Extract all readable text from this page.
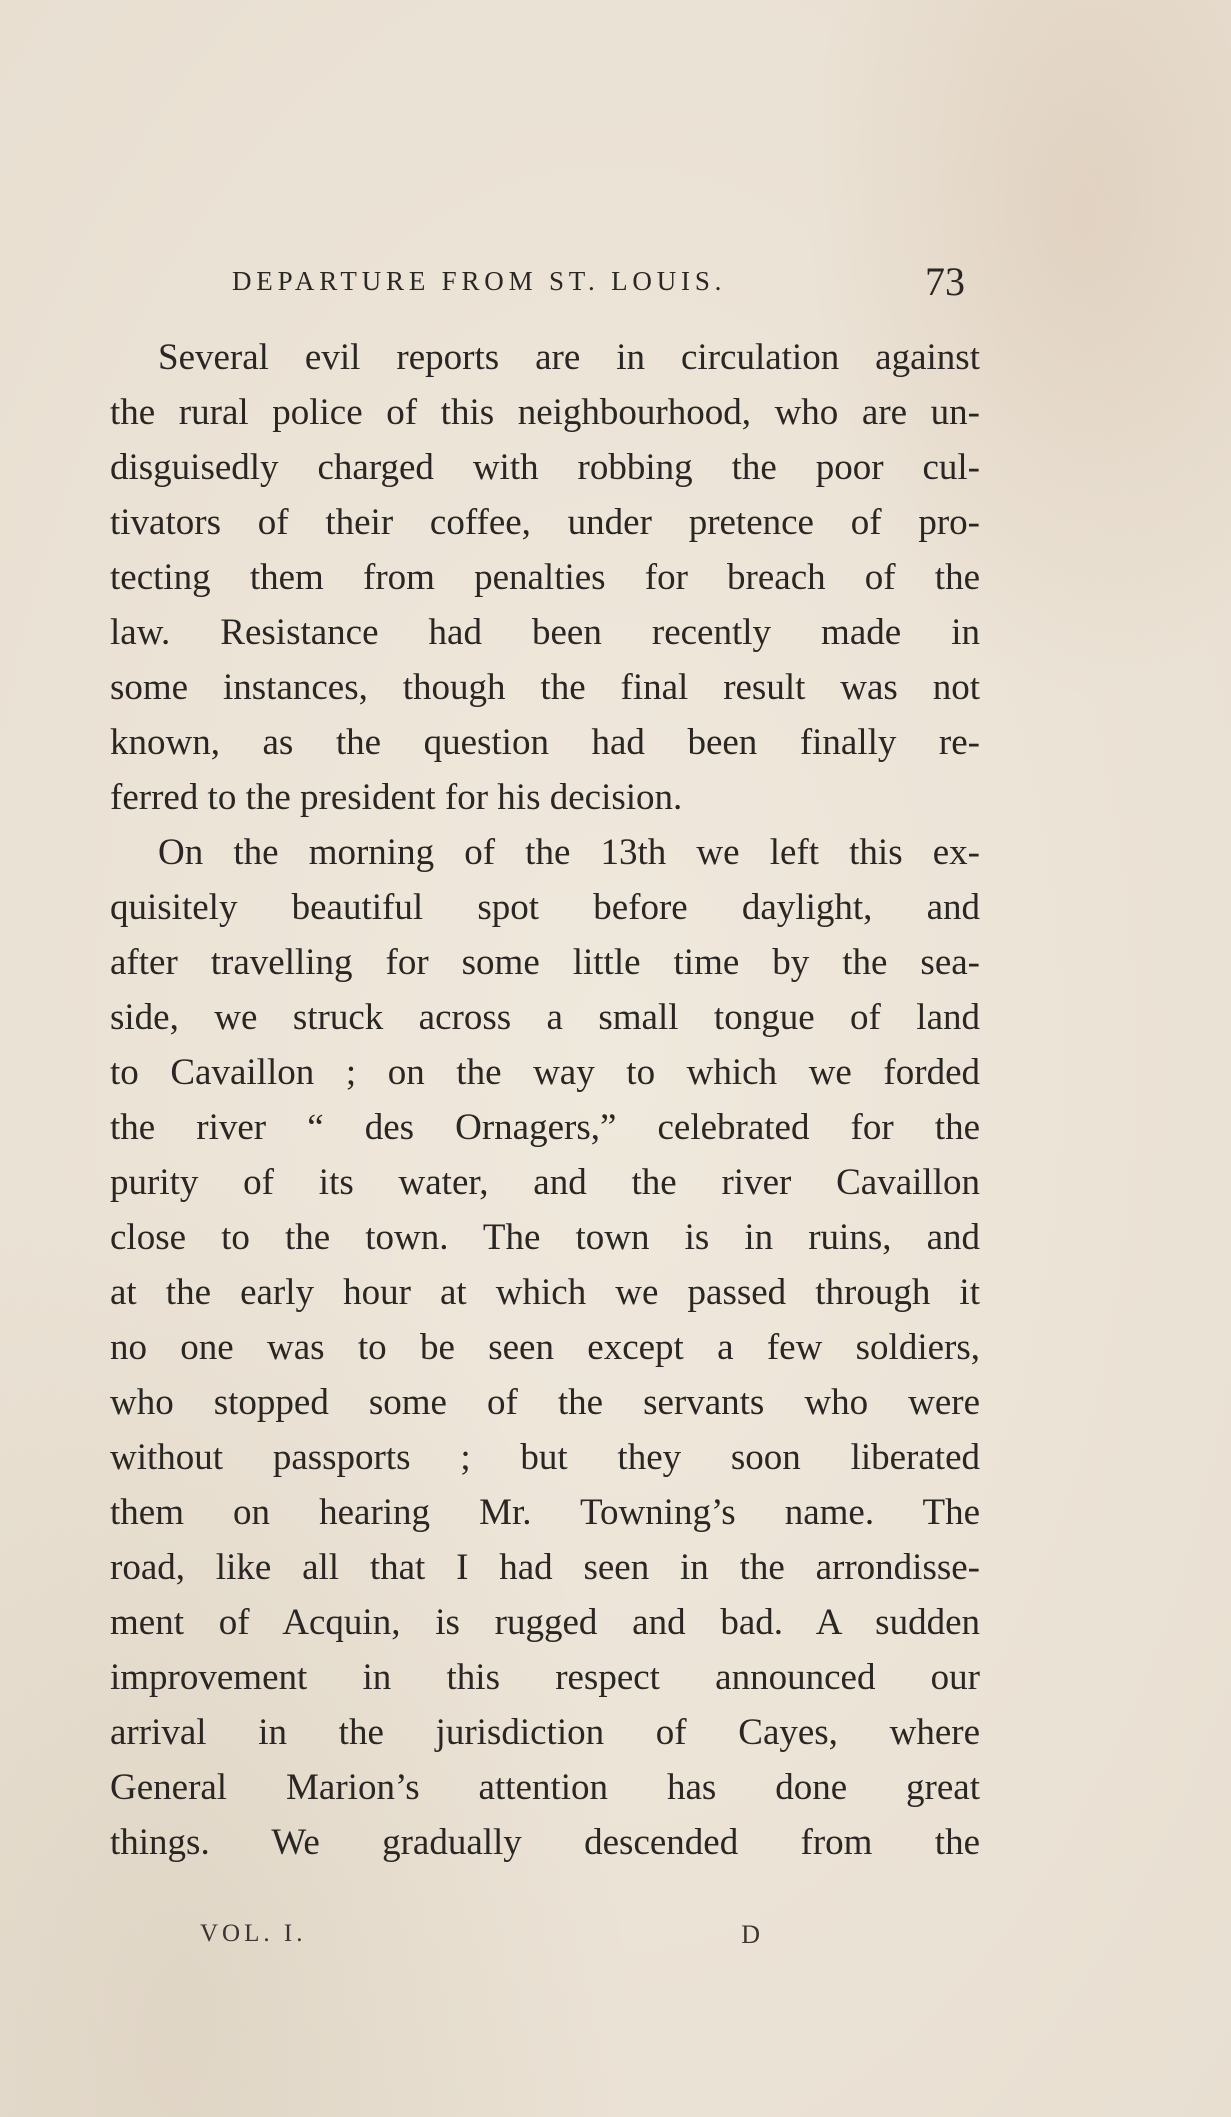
DEPARTURE FROM ST. LOUIS.	73
Several evil reports are in circulation against
the rural police of this neighbourhood, who are un-
disguisedly charged with robbing the poor cul-
tivators of their coffee, under pretence of pro-
tecting them from penalties for breach of the
law. Resistance had been recently made in
some instances, though the final result was not
known, as the question had been finally re-
ferred to the president for his decision.
On the morning of the 13th we left this ex-
quisitely beautiful spot before daylight, and
after travelling for some little time by the sea-
side, we struck across a small tongue of land
to Cavaillon ; on the way to which we forded
the river “ des Ornagers,” celebrated for the
purity of its water, and the river Cavaillon
close to the town. The town is in ruins, and
at the early hour at which we passed through it
no one was to be seen except a few soldiers,
who stopped some of the servants who were
without passports ; but they soon liberated
them on hearing Mr. Towning’s name. The
road, like all that I had seen in the arrondisse-
ment of Acquin, is rugged and bad. A sudden
improvement in this respect announced our
arrival in the jurisdiction of Cayes, where
General Marion’s attention has done great
things. We gradually descended from the
VOL. I.	D
